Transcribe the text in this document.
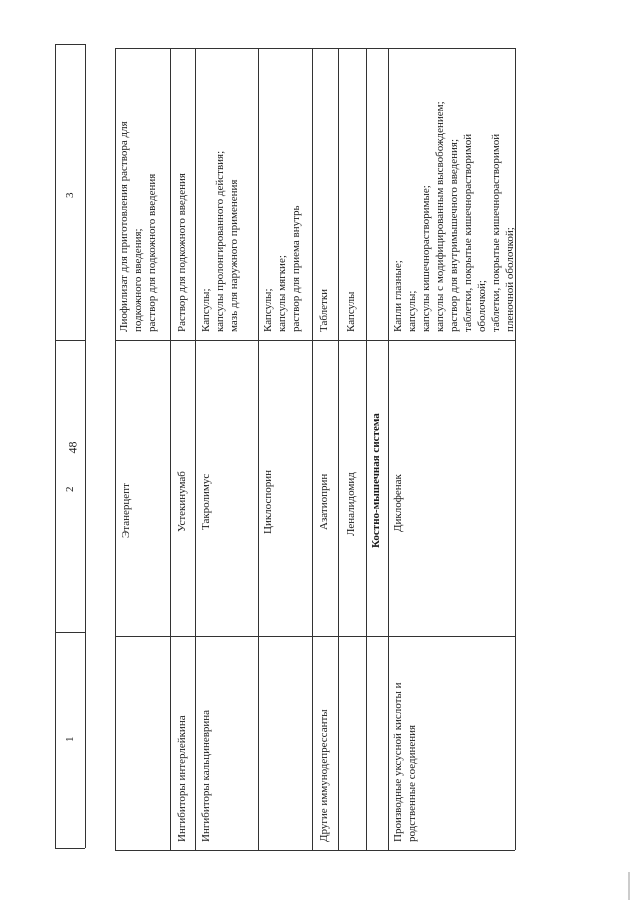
48
1
2
3
Этанерцепт
Лиофилизат для приготовления раствора для подкожного введения; раствор для подкожного введения
Ингибиторы интерлейкина
Устекинумаб
Раствор для подкожного введения
Ингибиторы кальциневрина
Такролимус
Капсулы; капсулы пролонгированного действия; мазь для наружного применения
Циклоспорин
Капсулы; капсулы мягкие; раствор для приема внутрь
Другие иммунодепрессанты
Азатиоприн
Таблетки
Леналидомид
Капсулы
Костно-мышечная система
Производные уксусной кислоты и родственные соединения
Диклофенак
Капли глазные; капсулы; капсулы кишечнорастворимые; капсулы с модифицированным высвобождением; раствор для внутримышечного введения; таблетки, покрытые кишечнорастворимой оболочкой; таблетки, покрытые кишечнорастворимой пленочной оболочкой;
